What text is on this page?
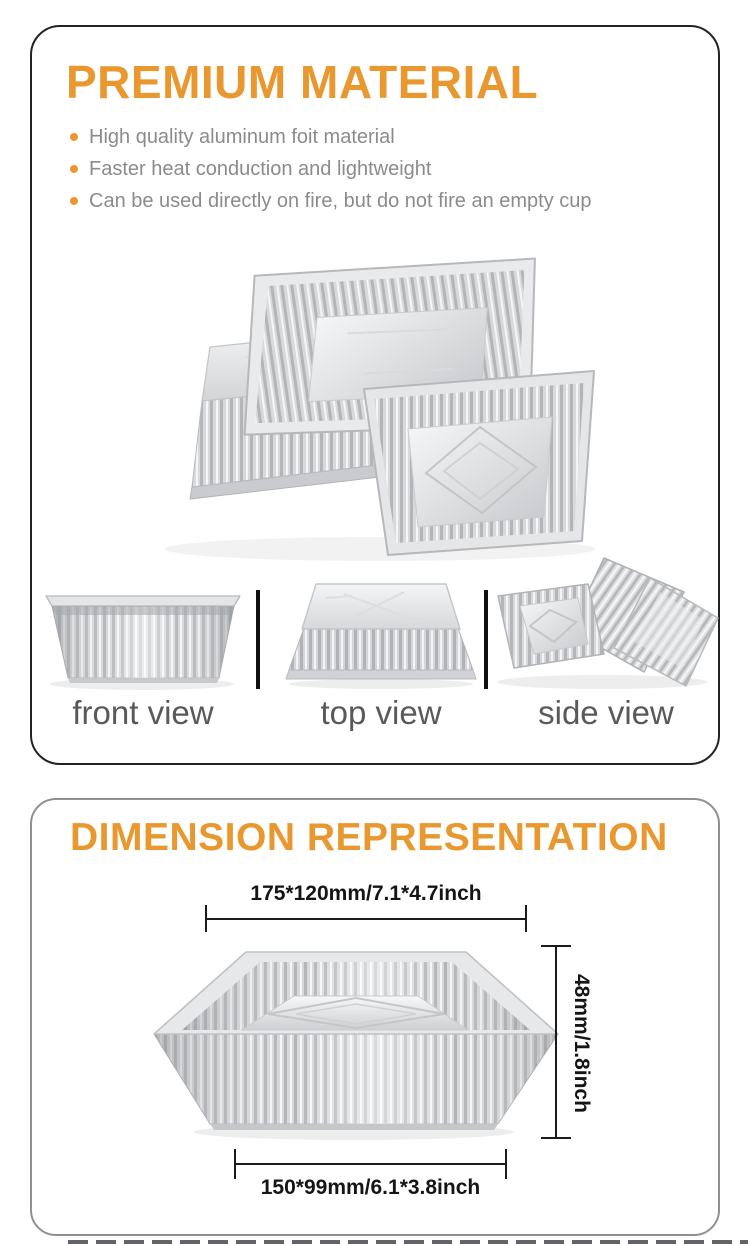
PREMIUM MATERIAL
High quality aluminum foit material
Faster heat conduction and lightweight
Can be used directly on fire, but do not fire an empty cup
front view	top view	side view
DIMENSION REPRESENTATION
175*120mm/7.1*4.7inch
48mm/1.8inch
150*99mm/6.1*3.8inch
